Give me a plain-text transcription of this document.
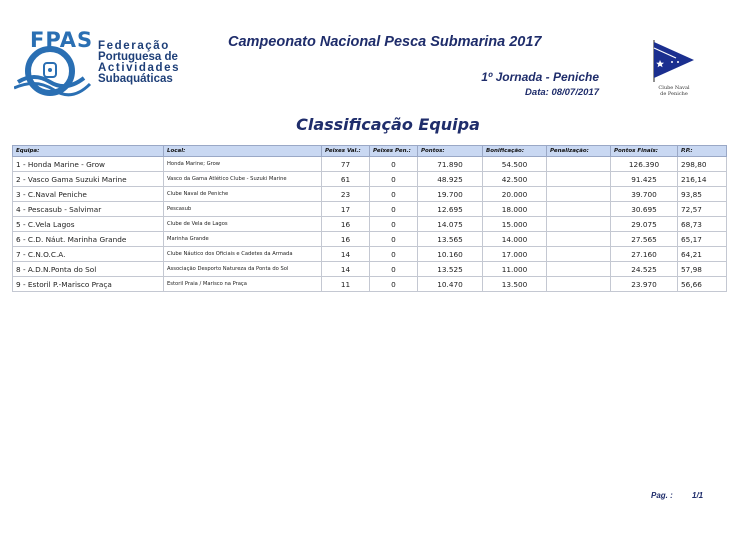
FPAS Federação
Portuguesa de
Actividades
Subaquáticas
Campeonato Nacional Pesca Submarina 2017
1º Jornada - Peniche
Data: 08/07/2017	Clube Naval
de Peniche
Classificação Equipa
Equipa:	Local:	Peixes Val.:	Peixes Pen.:	Pontos:	Bonificação:	Penalização:	Pontos Finais:	P.P.:
1 - Honda Marine - Grow	Honda Marine; Grow	77	0	71.890	54.500		126.390	298,80
2 - Vasco Gama Suzuki Marine	Vasco da Gama Atlético Clube - Suzuki Marine	61	0	48.925	42.500		91.425	216,14
3 - C.Naval Peniche	Clube Naval de Peniche	23	0	19.700	20.000		39.700	93,85
4 - Pescasub - Salvimar	Pescasub	17	0	12.695	18.000		30.695	72,57
5 - C.Vela Lagos	Clube de Vela de Lagos	16	0	14.075	15.000		29.075	68,73
6 - C.D. Náut. Marinha Grande	Marinha Grande	16	0	13.565	14.000		27.565	65,17
7 - C.N.O.C.A.	Clube Náutico dos Oficiais e Cadetes da Armada	14	0	10.160	17.000		27.160	64,21
8 - A.D.N.Ponta do Sol	Associação Desporto Natureza da Ponta do Sol	14	0	13.525	11.000		24.525	57,98
9 - Estoril P.-Marisco Praça	Estoril Praia / Marisco na Praça	11	0	10.470	13.500		23.970	56,66
Pag. : 1/1
